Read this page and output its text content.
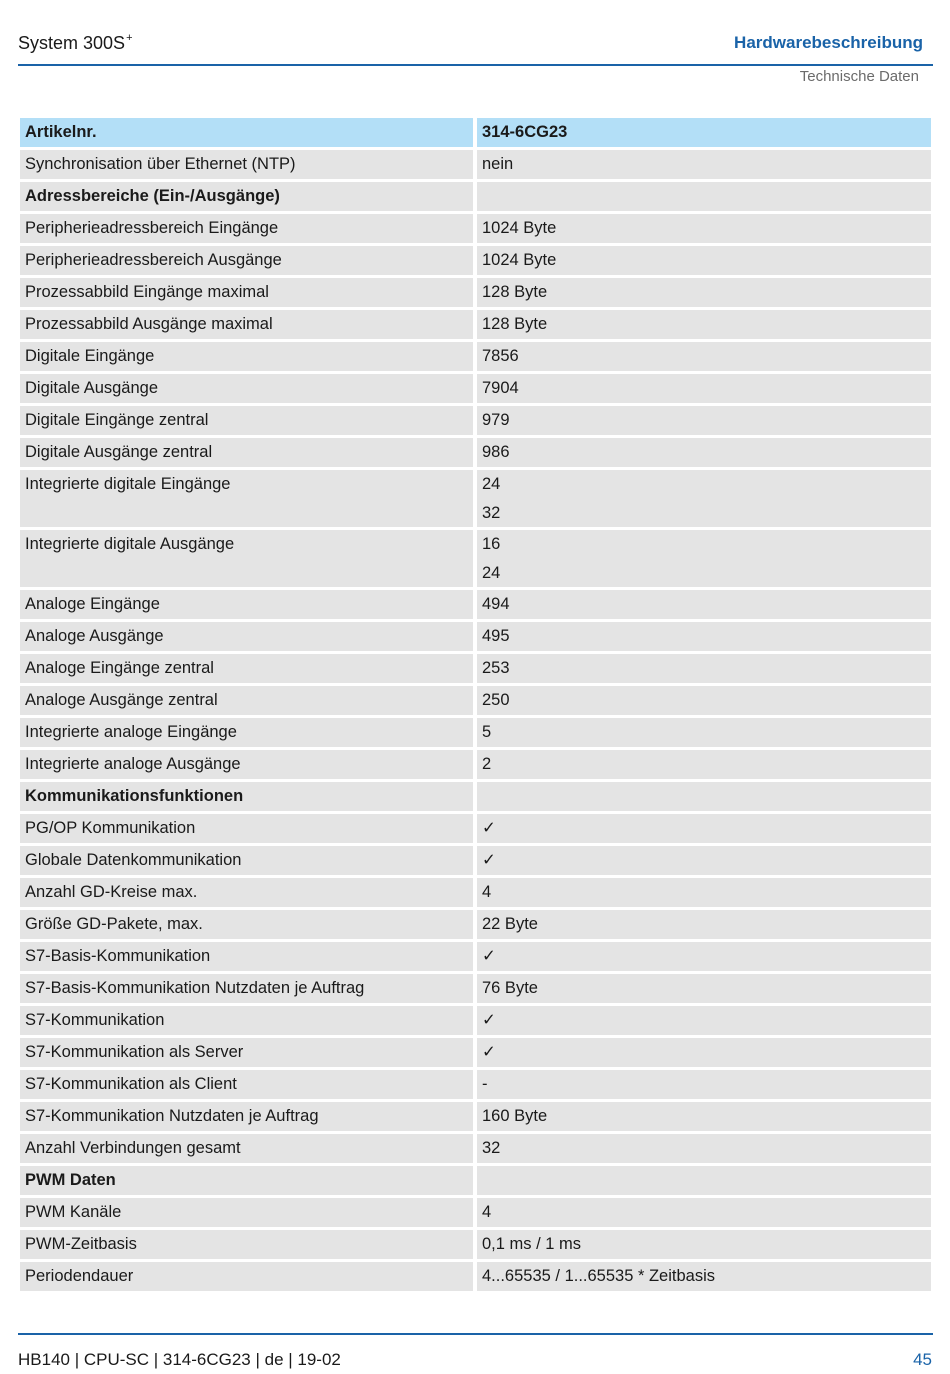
System 300S+	Hardwarebeschreibung
Technische Daten
Artikelnr.	314-6CG23
Synchronisation über Ethernet (NTP)	nein
Adressbereiche (Ein-/Ausgänge)
Peripherieadressbereich Eingänge	1024 Byte
Peripherieadressbereich Ausgänge	1024 Byte
Prozessabbild Eingänge maximal	128 Byte
Prozessabbild Ausgänge maximal	128 Byte
Digitale Eingänge	7856
Digitale Ausgänge	7904
Digitale Eingänge zentral	979
Digitale Ausgänge zentral	986
Integrierte digitale Eingänge	24
32
Integrierte digitale Ausgänge	16
24
Analoge Eingänge	494
Analoge Ausgänge	495
Analoge Eingänge zentral	253
Analoge Ausgänge zentral	250
Integrierte analoge Eingänge	5
Integrierte analoge Ausgänge	2
Kommunikationsfunktionen
PG/OP Kommunikation	✓
Globale Datenkommunikation	✓
Anzahl GD-Kreise max.	4
Größe GD-Pakete, max.	22 Byte
S7-Basis-Kommunikation	✓
S7-Basis-Kommunikation Nutzdaten je Auftrag	76 Byte
S7-Kommunikation	✓
S7-Kommunikation als Server	✓
S7-Kommunikation als Client	-
S7-Kommunikation Nutzdaten je Auftrag	160 Byte
Anzahl Verbindungen gesamt	32
PWM Daten
PWM Kanäle	4
PWM-Zeitbasis	0,1 ms / 1 ms
Periodendauer	4...65535 / 1...65535 * Zeitbasis
HB140 | CPU-SC | 314-6CG23 | de | 19-02	45
